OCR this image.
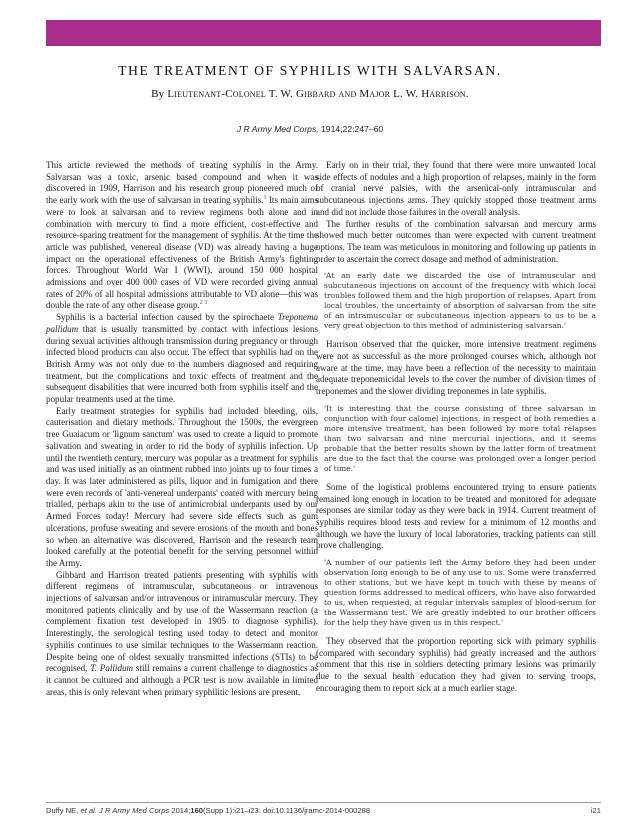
THE TREATMENT OF SYPHILIS WITH SALVARSAN.
By Lieutenant-Colonel T. W. Gibbard and Major L. W. Harrison.
J R Army Med Corps, 1914;22:247–60

This article reviewed the methods of treating syphilis in the Army. Salvarsan was a toxic, arsenic based compound and when it was discovered in 1909, Harrison and his research group pioneered much of the early work with the use of salvarsan in treating syphilis.$^1$ Its main aims were to look at salvarsan and to review regimens both alone and in combination with mercury to find a more efficient, cost-effective and resource-sparing treatment for the management of syphilis. At the time the article was published, venereal disease (VD) was already having a huge impact on the operational effectiveness of the British Army's fighting forces. Throughout World War I (WWI), around 150 000 hospital admissions and over 400 000 cases of VD were recorded giving annual rates of 20% of all hospital admissions attributable to VD alone—this was double the rate of any other disease group.$^{2 3}$

Syphilis is a bacterial infection caused by the spirochaete Treponema pallidum that is usually transmitted by contact with infectious lesions during sexual activities although transmission during pregnancy or through infected blood products can also occur. The effect that syphilis had on the British Army was not only due to the numbers diagnosed and requiring treatment, but the complications and toxic effects of treatment and the subsequent disabilities that were incurred both from syphilis itself and the popular treatments used at the time.

Early treatment strategies for syphilis had included bleeding, oils, cauterisation and dietary methods. Throughout the 1500s, the evergreen tree Guaiacum or 'lignum sanctum' was used to create a liquid to promote salivation and sweating in order to rid the body of syphilis infection. Up until the twentieth century, mercury was popular as a treatment for syphilis and was used initially as an ointment rubbed into joints up to four times a day. It was later administered as pills, liquor and in fumigation and there were even records of 'anti-venereal underpants' coated with mercury being trialled, perhaps akin to the use of antimicrobial underpants used by our Armed Forces today! Mercury had severe side effects such as gum ulcerations, profuse sweating and severe erosions of the mouth and bones so when an alternative was discovered, Harrison and the research team looked carefully at the potential benefit for the serving personnel within the Army.

Gibbard and Harrison treated patients presenting with syphilis with different regimens of intramuscular, subcutaneous or intravenous injections of salvarsan and/or intravenous or intramuscular mercury. They monitored patients clinically and by use of the Wassermann reaction (a complement fixation test developed in 1905 to diagnose syphilis). Interestingly, the serological testing used today to detect and monitor syphilis continues to use similar techniques to the Wassermann reaction. Despite being one of oldest sexually transmitted infections (STIs) to be recognised, T. Pallidum still remains a current challenge to diagnostics as it cannot be cultured and although a PCR test is now available in limited areas, this is only relevant when primary syphilitic lesions are present.

Early on in their trial, they found that there were more unwanted local side effects of nodules and a high proportion of relapses, mainly in the form of cranial nerve palsies, with the arsenical-only intramuscular and subcutaneous injections arms. They quickly stopped those treatment arms and did not include those failures in the overall analysis.

The further results of the combination salvarsan and mercury arms showed much better outcomes than were expected with current treatment options. The team was meticulous in monitoring and following up patients in order to ascertain the correct dosage and method of administration.

'At an early date we discarded the use of intramuscular and subcutaneous injections on account of the frequency with which local troubles followed them and the high proportion of relapses. Apart from local troubles, the uncertainty of absorption of salvarsan from the site of an intramuscular or subcutaneous injection appears to us to be a very great objection to this method of administering salvarsan.'

Harrison observed that the quicker, more intensive treatment regimens were not as successful as the more prolonged courses which, although not aware at the time, may have been a reflection of the necessity to maintain adequate treponemicidal levels to the cover the number of division times of treponemes and the slower dividing treponemes in late syphilis.

'It is interesting that the course consisting of three salvarsan in conjunction with four calomel injections, in respect of both remedies a more intensive treatment, has been followed by more total relapses than two salvarsan and nine mercurial injections, and it seems probable that the better results shown by the latter form of treatment are due to the fact that the course was prolonged over a longer period of time.'

Some of the logistical problems encountered trying to ensure patients remained long enough in location to be treated and monitored for adequate responses are similar today as they were back in 1914. Current treatment of syphilis requires blood tests and review for a minimum of 12 months and although we have the luxury of local laboratories, tracking patients can still prove challenging.

'A number of our patients left the Army before they had been under observation long enough to be of any use to us. Some were transferred to other stations, but we have kept in touch with these by means of question forms addressed to medical officers, who have also forwarded to us, when requested, at regular intervals samples of blood-serum for the Wassermann test. We are greatly indebted to our brother officers for the help they have given us in this respect.'

They observed that the proportion reporting sick with primary syphilis (compared with secondary syphilis) had greatly increased and the authors comment that this rise in soldiers detecting primary lesions was primarily due to the sexual health education they had given to serving troops, encouraging them to report sick at a much earlier stage.

Duffy NE, et al. J R Army Med Corps 2014;160(Supp 1):i21–i23. doi:10.1136/jramc-2014-000288	i21
